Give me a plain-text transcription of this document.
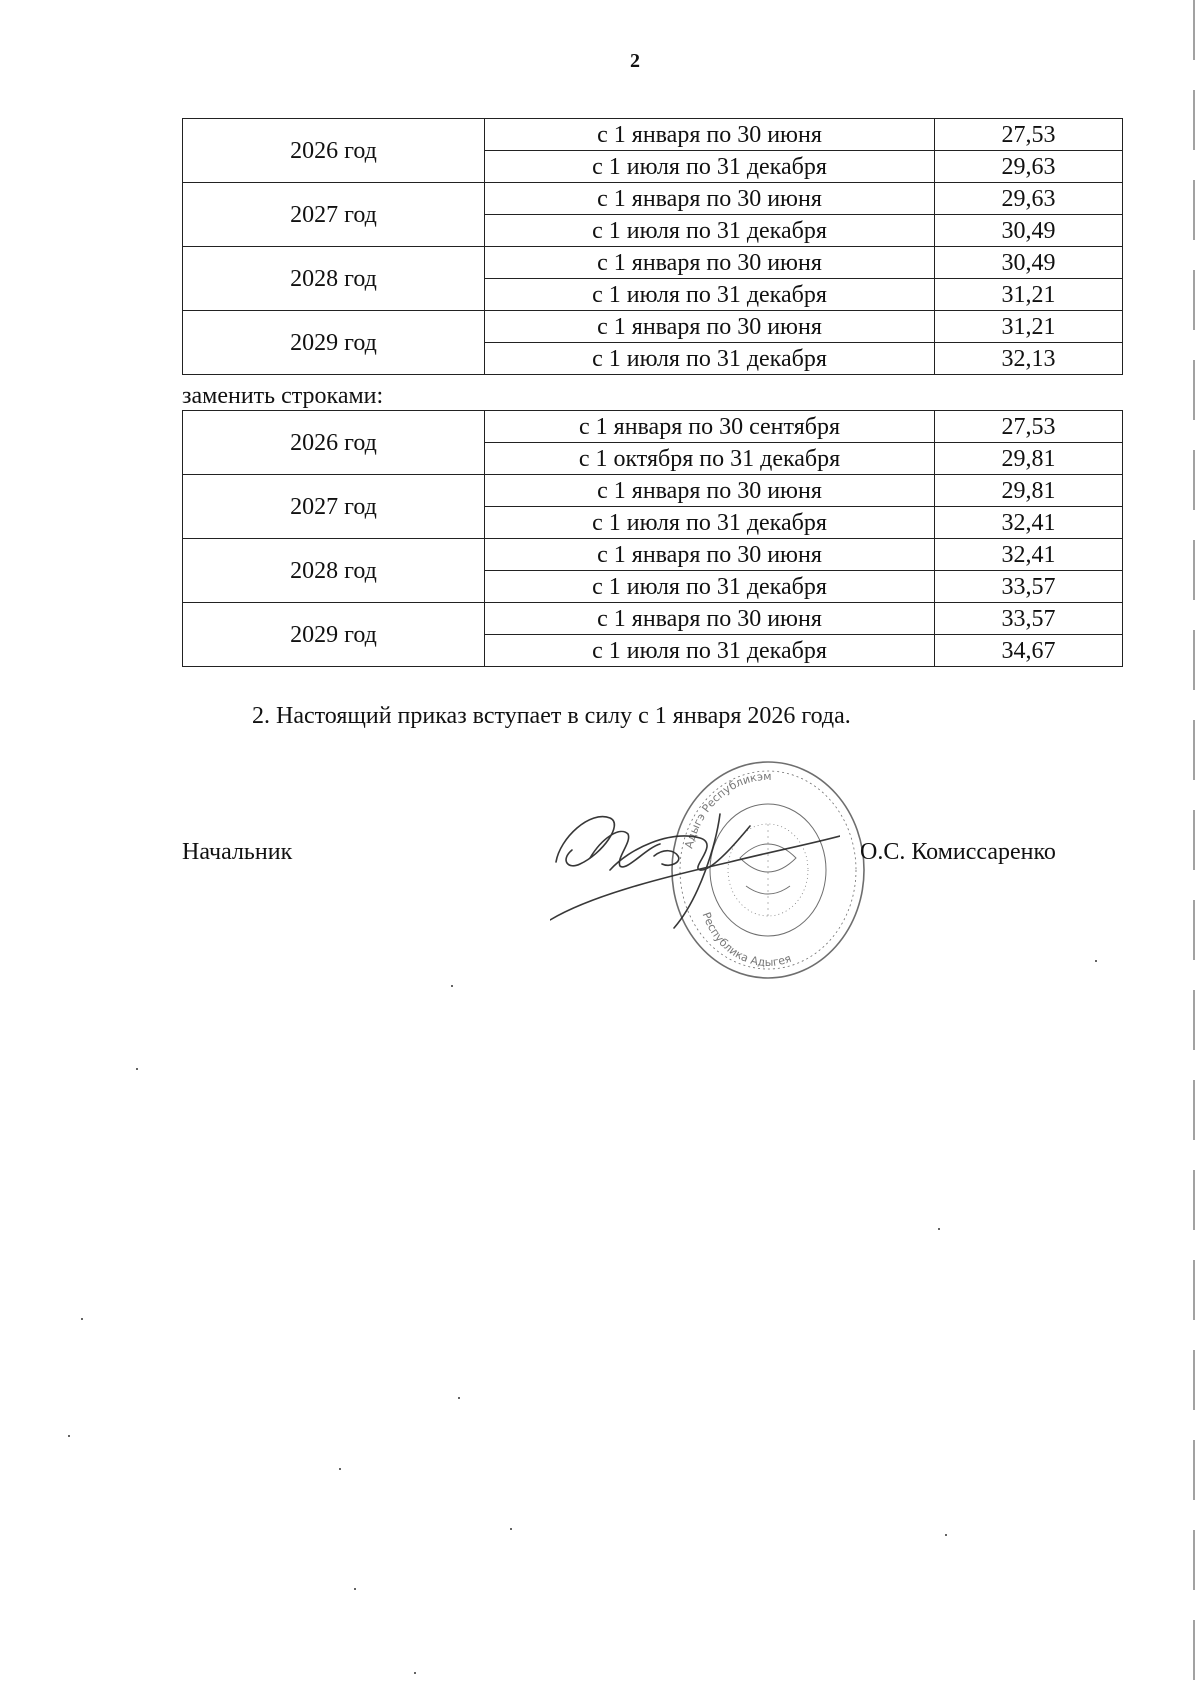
2
2026 год	с 1 января по 30 июня	27,53
	с 1 июля по 31 декабря	29,63
2027 год	с 1 января по 30 июня	29,63
	с 1 июля по 31 декабря	30,49
2028 год	с 1 января по 30 июня	30,49
	с 1 июля по 31 декабря	31,21
2029 год	с 1 января по 30 июня	31,21
	с 1 июля по 31 декабря	32,13
заменить строками:
2026 год	с 1 января по 30 сентября	27,53
	с 1 октября по 31 декабря	29,81
2027 год	с 1 января по 30 июня	29,81
	с 1 июля по 31 декабря	32,41
2028 год	с 1 января по 30 июня	32,41
	с 1 июля по 31 декабря	33,57
2029 год	с 1 января по 30 июня	33,57
	с 1 июля по 31 декабря	34,67
2. Настоящий приказ вступает в силу с 1 января 2026 года.
Адыгэ Республикэм
Республика Адыгея
Начальник	О.С. Комиссаренко
